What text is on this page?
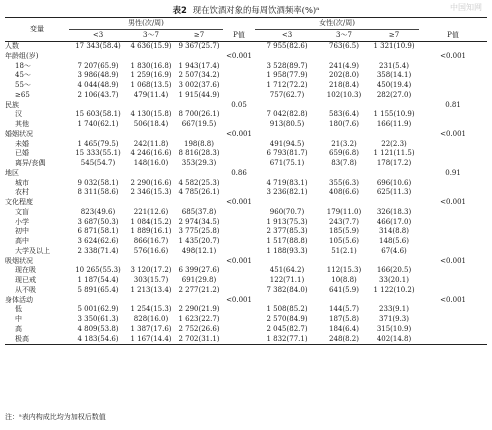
中国知网
表2 现在饮酒对象的每周饮酒频率(%)ᵃ
变量	男性(次/周)				女性(次/周)			
	<3	3～7	≥7	P值	<3	3～7	≥7	P值
人数	17 343(58.4)	4 636(15.9)	9 367(25.7)		7 955(82.6)	763(6.5)	1 321(10.9)	
年龄组(岁)				<0.001				<0.001
18～	7 207(65.9)	1 830(16.8)	1 943(17.4)		3 528(89.7)	241(4.9)	231(5.4)	
45～	3 986(48.9)	1 259(16.9)	2 507(34.2)		1 958(77.9)	202(8.0)	358(14.1)	
55～	4 044(48.9)	1 068(13.5)	3 002(37.6)		1 712(72.2)	218(8.4)	450(19.4)	
≥65	2 106(43.7)	479(11.4)	1 915(44.9)		757(62.7)	102(10.3)	282(27.0)	
民族				0.05				0.81
汉	15 603(58.1)	4 130(15.8)	8 700(26.1)		7 042(82.8)	583(6.4)	1 155(10.9)	
其他	1 740(62.1)	506(18.4)	667(19.5)		913(80.5)	180(7.6)	166(11.9)	
婚姻状况				<0.001				<0.001
未婚	1 465(79.5)	242(11.8)	198(8.8)		491(94.5)	21(3.2)	22(2.3)	
已婚	15 333(55.1)	4 246(16.6)	8 816(28.3)		6 793(81.7)	659(6.8)	1 121(11.5)	
离异/丧偶	545(54.7)	148(16.0)	353(29.3)		671(75.1)	83(7.8)	178(17.2)	
地区				0.86				0.91
城市	9 032(58.1)	2 290(16.6)	4 582(25.3)		4 719(83.1)	355(6.3)	696(10.6)	
农村	8 311(58.6)	2 346(15.3)	4 785(26.1)		3 236(82.1)	408(6.6)	625(11.3)	
文化程度				<0.001				<0.001
文盲	823(49.6)	221(12.6)	685(37.8)		960(70.7)	179(11.0)	326(18.3)	
小学	3 687(50.3)	1 084(15.2)	2 974(34.5)		1 913(75.3)	243(7.7)	466(17.0)	
初中	6 871(58.1)	1 889(16.1)	3 775(25.8)		2 377(85.3)	185(5.9)	314(8.8)	
高中	3 624(62.6)	866(16.7)	1 435(20.7)		1 517(88.8)	105(5.6)	148(5.6)	
大学及以上	2 338(71.4)	576(16.6)	498(12.1)		1 188(93.3)	51(2.1)	67(4.6)	
吸烟状况				<0.001				<0.001
现在吸	10 265(55.3)	3 120(17.2)	6 399(27.6)		451(64.2)	112(15.3)	166(20.5)	
现已戒	1 187(54.4)	303(15.7)	691(29.8)		122(71.1)	10(8.8)	33(20.1)	
从不吸	5 891(65.4)	1 213(13.4)	2 277(21.2)		7 382(84.0)	641(5.9)	1 122(10.2)	
身体活动				<0.001				<0.001
低	5 001(62.9)	1 254(15.3)	2 290(21.9)		1 508(85.2)	144(5.7)	233(9.1)	
中	3 350(61.3)	828(16.0)	1 623(22.7)		2 570(84.9)	187(5.8)	371(9.3)	
高	4 809(53.8)	1 387(17.6)	2 752(26.6)		2 045(82.7)	184(6.4)	315(10.9)	
极高	4 183(54.6)	1 167(14.4)	2 702(31.1)		1 832(77.1)	248(8.2)	402(14.8)	
注：ᵃ表内构成比均为加权后数值
